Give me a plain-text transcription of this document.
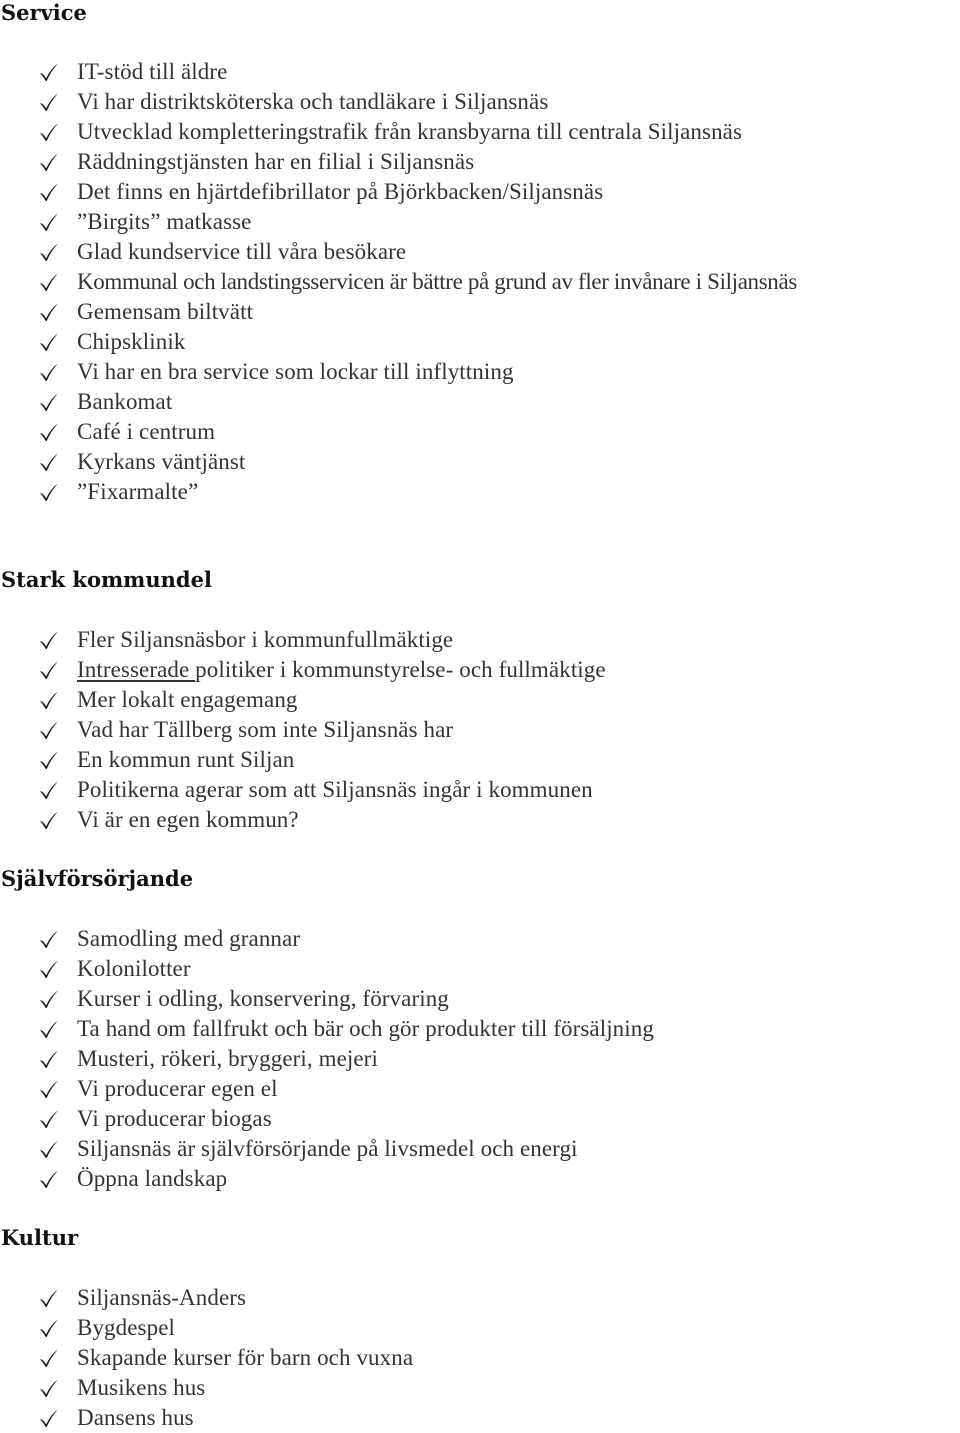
Service
IT-stöd till äldre
Vi har distriktsköterska och tandläkare i Siljansnäs
Utvecklad kompletteringstrafik från kransbyarna till centrala Siljansnäs
Räddningstjänsten har en filial i Siljansnäs
Det finns en hjärtdefibrillator på Björkbacken/Siljansnäs
”Birgits” matkasse
Glad kundservice till våra besökare
Kommunal och landstingsservicen är bättre på grund av fler invånare i Siljansnäs
Gemensam biltvätt
Chipsklinik
Vi har en bra service som lockar till inflyttning
Bankomat
Café i centrum
Kyrkans väntjänst
”Fixarmalte”
Stark kommundel
Fler Siljansnäsbor i kommunfullmäktige
Intresserade politiker i kommunstyrelse- och fullmäktige
Mer lokalt engagemang
Vad har Tällberg som inte Siljansnäs har
En kommun runt Siljan
Politikerna agerar som att Siljansnäs ingår i kommunen
Vi är en egen kommun?
Självförsörjande
Samodling med grannar
Kolonilotter
Kurser i odling, konservering, förvaring
Ta hand om fallfrukt och bär och gör produkter till försäljning
Musteri, rökeri, bryggeri, mejeri
Vi producerar egen el
Vi producerar biogas
Siljansnäs är självförsörjande på livsmedel och energi
Öppna landskap
Kultur
Siljansnäs-Anders
Bygdespel
Skapande kurser för barn och vuxna
Musikens hus
Dansens hus
